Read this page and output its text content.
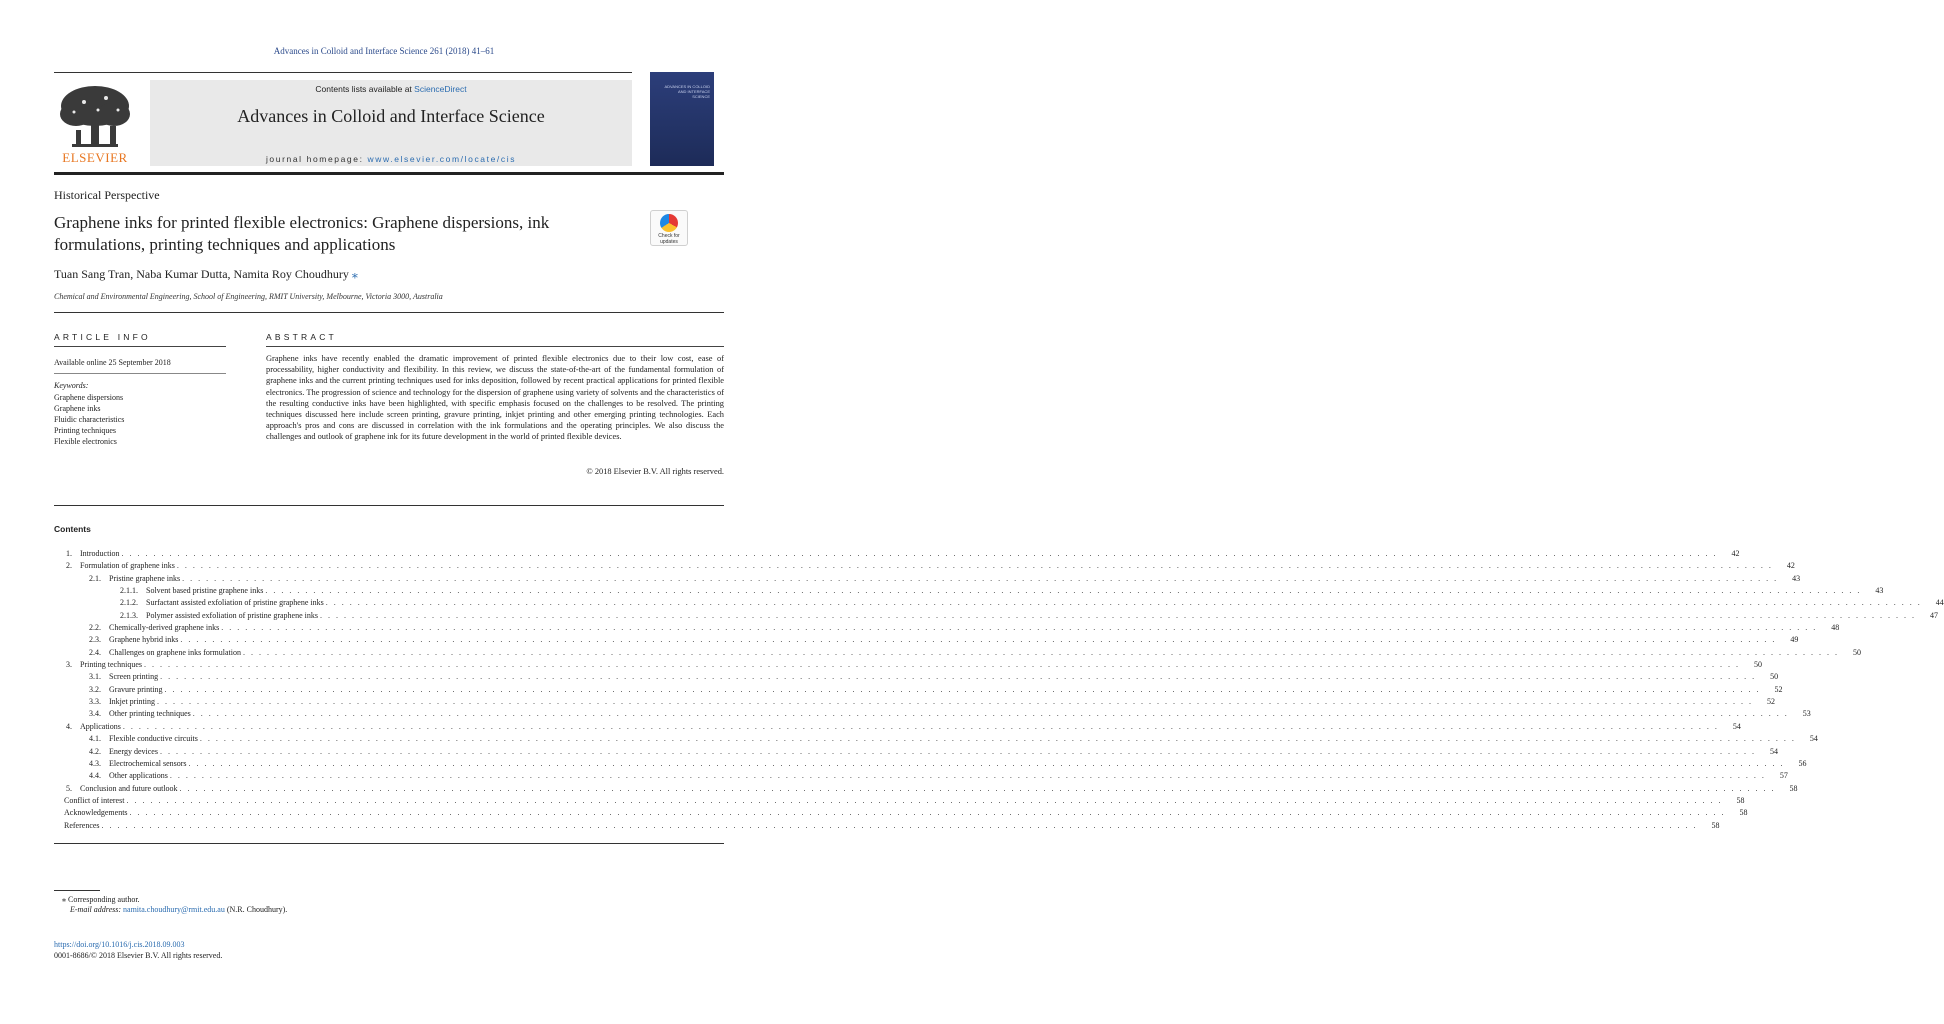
Advances in Colloid and Interface Science 261 (2018) 41–61
ELSEVIER
Contents lists available at ScienceDirect
Advances in Colloid and Interface Science
journal homepage: www.elsevier.com/locate/cis
ADVANCES IN COLLOID AND INTERFACE SCIENCE
Historical Perspective
Graphene inks for printed flexible electronics: Graphene dispersions, ink formulations, printing techniques and applications
Tuan Sang Tran, Naba Kumar Dutta, Namita Roy Choudhury ⁎
Chemical and Environmental Engineering, School of Engineering, RMIT University, Melbourne, Victoria 3000, Australia
Check for updates
ARTICLE INFO
Available online 25 September 2018
Keywords:
Graphene dispersions
Graphene inks
Fluidic characteristics
Printing techniques
Flexible electronics
ABSTRACT

Graphene inks have recently enabled the dramatic improvement of printed flexible electronics due to their low cost, ease of processability, higher conductivity and flexibility. In this review, we discuss the state-of-the-art of the fundamental formulation of graphene inks and the current printing techniques used for inks deposition, followed by recent practical applications for printed flexible electronics. The progression of science and technology for the dispersion of graphene using variety of solvents and the characteristics of the resulting conductive inks have been highlighted, with specific emphasis focused on the challenges to be resolved. The printing techniques discussed here include screen printing, gravure printing, inkjet printing and other emerging printing technologies. Each approach's pros and cons are discussed in correlation with the ink formulations and the operating principles. We also discuss the challenges and outlook of graphene ink for its future development in the world of printed flexible devices.

© 2018 Elsevier B.V. All rights reserved.
Contents
1.	Introduction . . . . . . . . . . . . . . . . . . . . . . . . . . . . . . . . . . . . . . . . . . . . . . . . . . . . . . . . . . . . . . . . . . . . . . . . . . . . . . . . . . . . . . . . . . . . . . . . . . . . . . . . . . . . . . . . . . . . . . . . . . . . . . . . . . . . . . . . . . . . . . . . . . . . . . . . . . . . . . . . . . . . . . . . . . . . . . . . . . . . . . . . . . . . . . . . . . . . . . . .	42
2.	Formulation of graphene inks . . . . . . . . . . . . . . . . . . . . . . . . . . . . . . . . . . . . . . . . . . . . . . . . . . . . . . . . . . . . . . . . . . . . . . . . . . . . . . . . . . . . . . . . . . . . . . . . . . . . . . . . . . . . . . . . . . . . . . . . . . . . . . . . . . . . . . . . . . . . . . . . . . . . . . . . . . . . . . . . . . . . . . . . . . . . . . . . . . . . . . . . . . . . . . . . . . . . . . . .	42
2.1.	Pristine graphene inks . . . . . . . . . . . . . . . . . . . . . . . . . . . . . . . . . . . . . . . . . . . . . . . . . . . . . . . . . . . . . . . . . . . . . . . . . . . . . . . . . . . . . . . . . . . . . . . . . . . . . . . . . . . . . . . . . . . . . . . . . . . . . . . . . . . . . . . . . . . . . . . . . . . . . . . . . . . . . . . . . . . . . . . . . . . . . . . . . . . . . . . . . . . . . . . . . . . . . . . .	43
2.1.1.	Solvent based pristine graphene inks . . . . . . . . . . . . . . . . . . . . . . . . . . . . . . . . . . . . . . . . . . . . . . . . . . . . . . . . . . . . . . . . . . . . . . . . . . . . . . . . . . . . . . . . . . . . . . . . . . . . . . . . . . . . . . . . . . . . . . . . . . . . . . . . . . . . . . . . . . . . . . . . . . . . . . . . . . . . . . . . . . . . . . . . . . . . . . . . . . . . . . . . . . . . . . . . . . . . . . . .	43
2.1.2.	Surfactant assisted exfoliation of pristine graphene inks . . . . . . . . . . . . . . . . . . . . . . . . . . . . . . . . . . . . . . . . . . . . . . . . . . . . . . . . . . . . . . . . . . . . . . . . . . . . . . . . . . . . . . . . . . . . . . . . . . . . . . . . . . . . . . . . . . . . . . . . . . . . . . . . . . . . . . . . . . . . . . . . . . . . . . . . . . . . . . . . . . . . . . . . . . . . . . . . . . . . . . . . . . . . . . . . . . . . . . . .	44
2.1.3.	Polymer assisted exfoliation of pristine graphene inks . . . . . . . . . . . . . . . . . . . . . . . . . . . . . . . . . . . . . . . . . . . . . . . . . . . . . . . . . . . . . . . . . . . . . . . . . . . . . . . . . . . . . . . . . . . . . . . . . . . . . . . . . . . . . . . . . . . . . . . . . . . . . . . . . . . . . . . . . . . . . . . . . . . . . . . . . . . . . . . . . . . . . . . . . . . . . . . . . . . . . . . . . . . . . . . . . . . . . . . .	47
2.2.	Chemically-derived graphene inks . . . . . . . . . . . . . . . . . . . . . . . . . . . . . . . . . . . . . . . . . . . . . . . . . . . . . . . . . . . . . . . . . . . . . . . . . . . . . . . . . . . . . . . . . . . . . . . . . . . . . . . . . . . . . . . . . . . . . . . . . . . . . . . . . . . . . . . . . . . . . . . . . . . . . . . . . . . . . . . . . . . . . . . . . . . . . . . . . . . . . . . . . . . . . . . . . . . . . . . .	48
2.3.	Graphene hybrid inks . . . . . . . . . . . . . . . . . . . . . . . . . . . . . . . . . . . . . . . . . . . . . . . . . . . . . . . . . . . . . . . . . . . . . . . . . . . . . . . . . . . . . . . . . . . . . . . . . . . . . . . . . . . . . . . . . . . . . . . . . . . . . . . . . . . . . . . . . . . . . . . . . . . . . . . . . . . . . . . . . . . . . . . . . . . . . . . . . . . . . . . . . . . . . . . . . . . . . . . .	49
2.4.	Challenges on graphene inks formulation . . . . . . . . . . . . . . . . . . . . . . . . . . . . . . . . . . . . . . . . . . . . . . . . . . . . . . . . . . . . . . . . . . . . . . . . . . . . . . . . . . . . . . . . . . . . . . . . . . . . . . . . . . . . . . . . . . . . . . . . . . . . . . . . . . . . . . . . . . . . . . . . . . . . . . . . . . . . . . . . . . . . . . . . . . . . . . . . . . . . . . . . . . . . . . . . . . . . . . . .	50
3.	Printing techniques . . . . . . . . . . . . . . . . . . . . . . . . . . . . . . . . . . . . . . . . . . . . . . . . . . . . . . . . . . . . . . . . . . . . . . . . . . . . . . . . . . . . . . . . . . . . . . . . . . . . . . . . . . . . . . . . . . . . . . . . . . . . . . . . . . . . . . . . . . . . . . . . . . . . . . . . . . . . . . . . . . . . . . . . . . . . . . . . . . . . . . . . . . . . . . . . . . . . . . . .	50
3.1.	Screen printing . . . . . . . . . . . . . . . . . . . . . . . . . . . . . . . . . . . . . . . . . . . . . . . . . . . . . . . . . . . . . . . . . . . . . . . . . . . . . . . . . . . . . . . . . . . . . . . . . . . . . . . . . . . . . . . . . . . . . . . . . . . . . . . . . . . . . . . . . . . . . . . . . . . . . . . . . . . . . . . . . . . . . . . . . . . . . . . . . . . . . . . . . . . . . . . . . . . . . . . .	50
3.2.	Gravure printing . . . . . . . . . . . . . . . . . . . . . . . . . . . . . . . . . . . . . . . . . . . . . . . . . . . . . . . . . . . . . . . . . . . . . . . . . . . . . . . . . . . . . . . . . . . . . . . . . . . . . . . . . . . . . . . . . . . . . . . . . . . . . . . . . . . . . . . . . . . . . . . . . . . . . . . . . . . . . . . . . . . . . . . . . . . . . . . . . . . . . . . . . . . . . . . . . . . . . . . .	52
3.3.	Inkjet printing . . . . . . . . . . . . . . . . . . . . . . . . . . . . . . . . . . . . . . . . . . . . . . . . . . . . . . . . . . . . . . . . . . . . . . . . . . . . . . . . . . . . . . . . . . . . . . . . . . . . . . . . . . . . . . . . . . . . . . . . . . . . . . . . . . . . . . . . . . . . . . . . . . . . . . . . . . . . . . . . . . . . . . . . . . . . . . . . . . . . . . . . . . . . . . . . . . . . . . . .	52
3.4.	Other printing techniques . . . . . . . . . . . . . . . . . . . . . . . . . . . . . . . . . . . . . . . . . . . . . . . . . . . . . . . . . . . . . . . . . . . . . . . . . . . . . . . . . . . . . . . . . . . . . . . . . . . . . . . . . . . . . . . . . . . . . . . . . . . . . . . . . . . . . . . . . . . . . . . . . . . . . . . . . . . . . . . . . . . . . . . . . . . . . . . . . . . . . . . . . . . . . . . . . . . . . . . .	53
4.	Applications . . . . . . . . . . . . . . . . . . . . . . . . . . . . . . . . . . . . . . . . . . . . . . . . . . . . . . . . . . . . . . . . . . . . . . . . . . . . . . . . . . . . . . . . . . . . . . . . . . . . . . . . . . . . . . . . . . . . . . . . . . . . . . . . . . . . . . . . . . . . . . . . . . . . . . . . . . . . . . . . . . . . . . . . . . . . . . . . . . . . . . . . . . . . . . . . . . . . . . . .	54
4.1.	Flexible conductive circuits . . . . . . . . . . . . . . . . . . . . . . . . . . . . . . . . . . . . . . . . . . . . . . . . . . . . . . . . . . . . . . . . . . . . . . . . . . . . . . . . . . . . . . . . . . . . . . . . . . . . . . . . . . . . . . . . . . . . . . . . . . . . . . . . . . . . . . . . . . . . . . . . . . . . . . . . . . . . . . . . . . . . . . . . . . . . . . . . . . . . . . . . . . . . . . . . . . . . . . . .	54
4.2.	Energy devices . . . . . . . . . . . . . . . . . . . . . . . . . . . . . . . . . . . . . . . . . . . . . . . . . . . . . . . . . . . . . . . . . . . . . . . . . . . . . . . . . . . . . . . . . . . . . . . . . . . . . . . . . . . . . . . . . . . . . . . . . . . . . . . . . . . . . . . . . . . . . . . . . . . . . . . . . . . . . . . . . . . . . . . . . . . . . . . . . . . . . . . . . . . . . . . . . . . . . . . .	54
4.3.	Electrochemical sensors . . . . . . . . . . . . . . . . . . . . . . . . . . . . . . . . . . . . . . . . . . . . . . . . . . . . . . . . . . . . . . . . . . . . . . . . . . . . . . . . . . . . . . . . . . . . . . . . . . . . . . . . . . . . . . . . . . . . . . . . . . . . . . . . . . . . . . . . . . . . . . . . . . . . . . . . . . . . . . . . . . . . . . . . . . . . . . . . . . . . . . . . . . . . . . . . . . . . . . . .	56
4.4.	Other applications . . . . . . . . . . . . . . . . . . . . . . . . . . . . . . . . . . . . . . . . . . . . . . . . . . . . . . . . . . . . . . . . . . . . . . . . . . . . . . . . . . . . . . . . . . . . . . . . . . . . . . . . . . . . . . . . . . . . . . . . . . . . . . . . . . . . . . . . . . . . . . . . . . . . . . . . . . . . . . . . . . . . . . . . . . . . . . . . . . . . . . . . . . . . . . . . . . . . . . . .	57
5.	Conclusion and future outlook . . . . . . . . . . . . . . . . . . . . . . . . . . . . . . . . . . . . . . . . . . . . . . . . . . . . . . . . . . . . . . . . . . . . . . . . . . . . . . . . . . . . . . . . . . . . . . . . . . . . . . . . . . . . . . . . . . . . . . . . . . . . . . . . . . . . . . . . . . . . . . . . . . . . . . . . . . . . . . . . . . . . . . . . . . . . . . . . . . . . . . . . . . . . . . . . . . . . . . . .	58
Conflict of interest . . . . . . . . . . . . . . . . . . . . . . . . . . . . . . . . . . . . . . . . . . . . . . . . . . . . . . . . . . . . . . . . . . . . . . . . . . . . . . . . . . . . . . . . . . . . . . . . . . . . . . . . . . . . . . . . . . . . . . . . . . . . . . . . . . . . . . . . . . . . . . . . . . . . . . . . . . . . . . . . . . . . . . . . . . . . . . . . . . . . . . . . . . . . . . . . . . . . . . . .	58
Acknowledgements . . . . . . . . . . . . . . . . . . . . . . . . . . . . . . . . . . . . . . . . . . . . . . . . . . . . . . . . . . . . . . . . . . . . . . . . . . . . . . . . . . . . . . . . . . . . . . . . . . . . . . . . . . . . . . . . . . . . . . . . . . . . . . . . . . . . . . . . . . . . . . . . . . . . . . . . . . . . . . . . . . . . . . . . . . . . . . . . . . . . . . . . . . . . . . . . . . . . . . . .	58
References . . . . . . . . . . . . . . . . . . . . . . . . . . . . . . . . . . . . . . . . . . . . . . . . . . . . . . . . . . . . . . . . . . . . . . . . . . . . . . . . . . . . . . . . . . . . . . . . . . . . . . . . . . . . . . . . . . . . . . . . . . . . . . . . . . . . . . . . . . . . . . . . . . . . . . . . . . . . . . . . . . . . . . . . . . . . . . . . . . . . . . . . . . . . . . . . . . . . . . . .	58
⁎ Corresponding author.
E-mail address: namita.choudhury@rmit.edu.au (N.R. Choudhury).
https://doi.org/10.1016/j.cis.2018.09.003
0001-8686/© 2018 Elsevier B.V. All rights reserved.
